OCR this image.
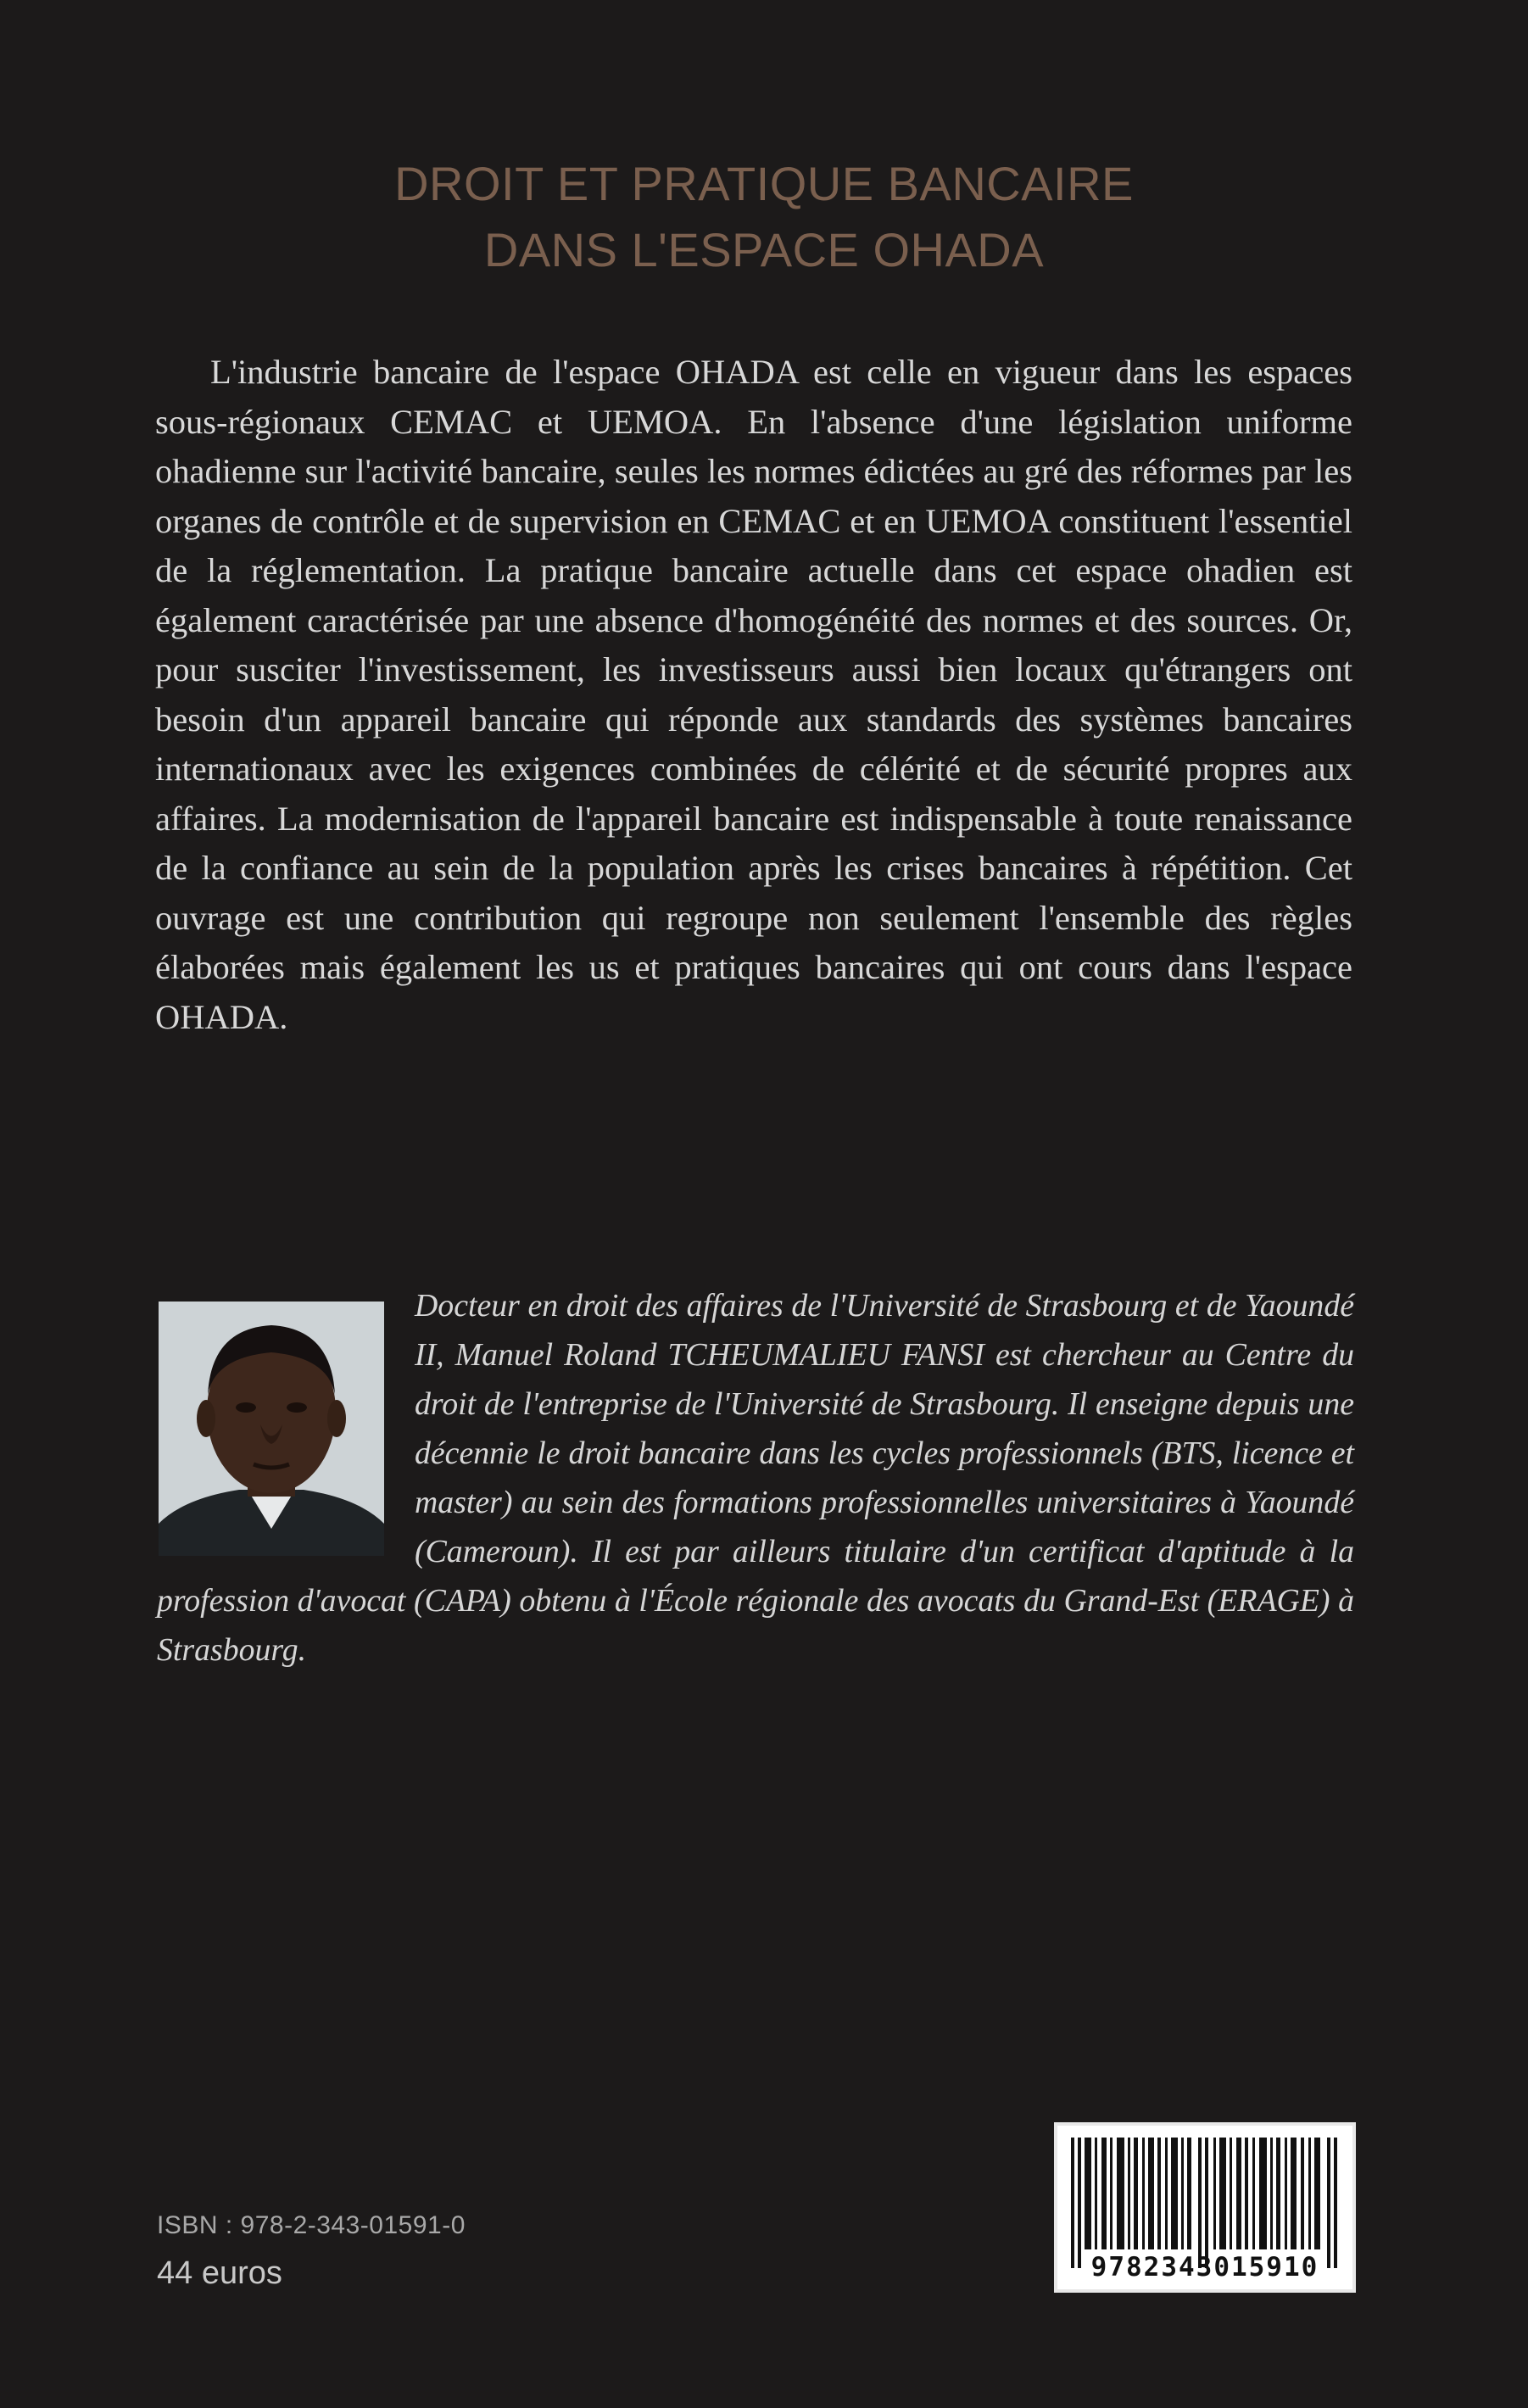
DROIT ET PRATIQUE BANCAIRE
DANS L'ESPACE OHADA

L'industrie bancaire de l'espace OHADA est celle en vigueur dans les espaces sous-régionaux CEMAC et UEMOA. En l'absence d'une législation uniforme ohadienne sur l'activité bancaire, seules les normes édictées au gré des réformes par les organes de contrôle et de supervision en CEMAC et en UEMOA constituent l'essentiel de la réglementation. La pratique bancaire actuelle dans cet espace ohadien est également caractérisée par une absence d'homogénéité des normes et des sources. Or, pour susciter l'investissement, les investisseurs aussi bien locaux qu'étrangers ont besoin d'un appareil bancaire qui réponde aux standards des systèmes bancaires internationaux avec les exigences combinées de célérité et de sécurité propres aux affaires. La modernisation de l'appareil bancaire est indispensable à toute renaissance de la confiance au sein de la population après les crises bancaires à répétition. Cet ouvrage est une contribution qui regroupe non seulement l'ensemble des règles élaborées mais également les us et pratiques bancaires qui ont cours dans l'espace OHADA.

Docteur en droit des affaires de l'Université de Strasbourg et de Yaoundé II, Manuel Roland TCHEUMALIEU FANSI est chercheur au Centre du droit de l'entreprise de l'Université de Strasbourg. Il enseigne depuis une décennie le droit bancaire dans les cycles professionnels (BTS, licence et master) au sein des formations professionnelles universitaires à Yaoundé (Cameroun). Il est par ailleurs titulaire d'un certificat d'aptitude à la profession d'avocat (CAPA) obtenu à l'École régionale des avocats du Grand-Est (ERAGE) à Strasbourg.

ISBN : 978-2-343-01591-0
44 euros	9782343015910
